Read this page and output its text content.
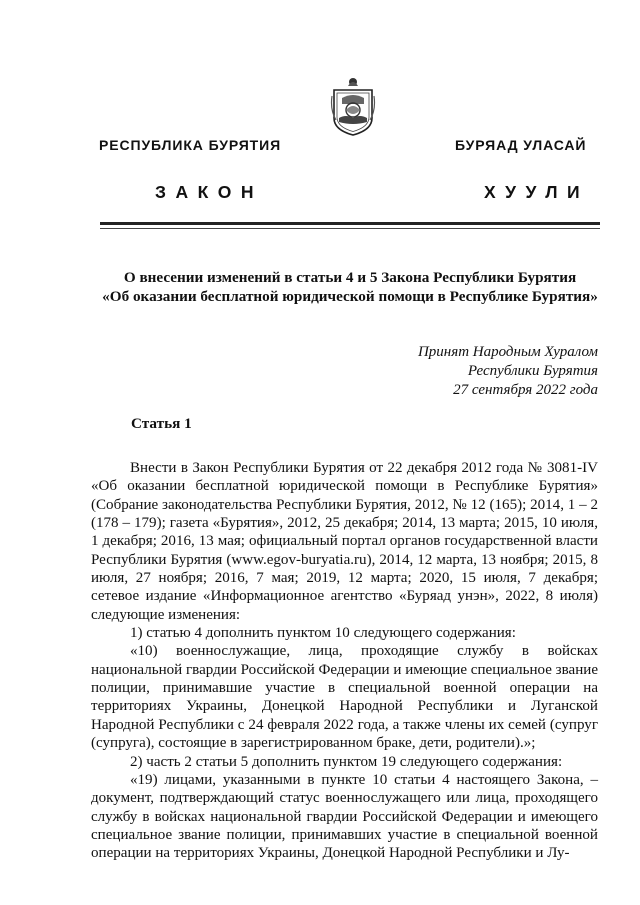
РЕСПУБЛИКА БУРЯТИЯ	БУРЯАД УЛАСАЙ
ЗАКОН	ХУУЛИ
О внесении изменений в статьи 4 и 5 Закона Республики Бурятия
«Об оказании бесплатной юридической помощи в Республике Бурятия»
Принят Народным Хуралом
Республики Бурятия
27 сентября 2022 года
Статья 1

Внести в Закон Республики Бурятия от 22 декабря 2012 года № 3081-IV «Об оказании бесплатной юридической помощи в Республике Бурятия» (Собрание законодательства Республики Бурятия, 2012, № 12 (165); 2014, 1 – 2 (178 – 179); газета «Бурятия», 2012, 25 декабря; 2014, 13 марта; 2015, 10 июля, 1 декабря; 2016, 13 мая; официальный портал органов государственной власти Республики Бурятия (www.egov-buryatia.ru), 2014, 12 марта, 13 ноября; 2015, 8 июля, 27 ноября; 2016, 7 мая; 2019, 12 марта; 2020, 15 июля, 7 декабря; сетевое издание «Информационное агентство «Буряад унэн», 2022, 8 июля) следующие изменения:

1) статью 4 дополнить пунктом 10 следующего содержания:

«10) военнослужащие, лица, проходящие службу в войсках национальной гвардии Российской Федерации и имеющие специальное звание полиции, принимавшие участие в специальной военной операции на территориях Украины, Донецкой Народной Республики и Луганской Народной Республики с 24 февраля 2022 года, а также члены их семей (супруг (супруга), состоящие в зарегистрированном браке, дети, родители).»;

2) часть 2 статьи 5 дополнить пунктом 19 следующего содержания:

«19) лицами, указанными в пункте 10 статьи 4 настоящего Закона, – документ, подтверждающий статус военнослужащего или лица, проходящего службу в войсках национальной гвардии Российской Федерации и имеющего специальное звание полиции, принимавших участие в специальной военной операции на территориях Украины, Донецкой Народной Республики и Лу-
